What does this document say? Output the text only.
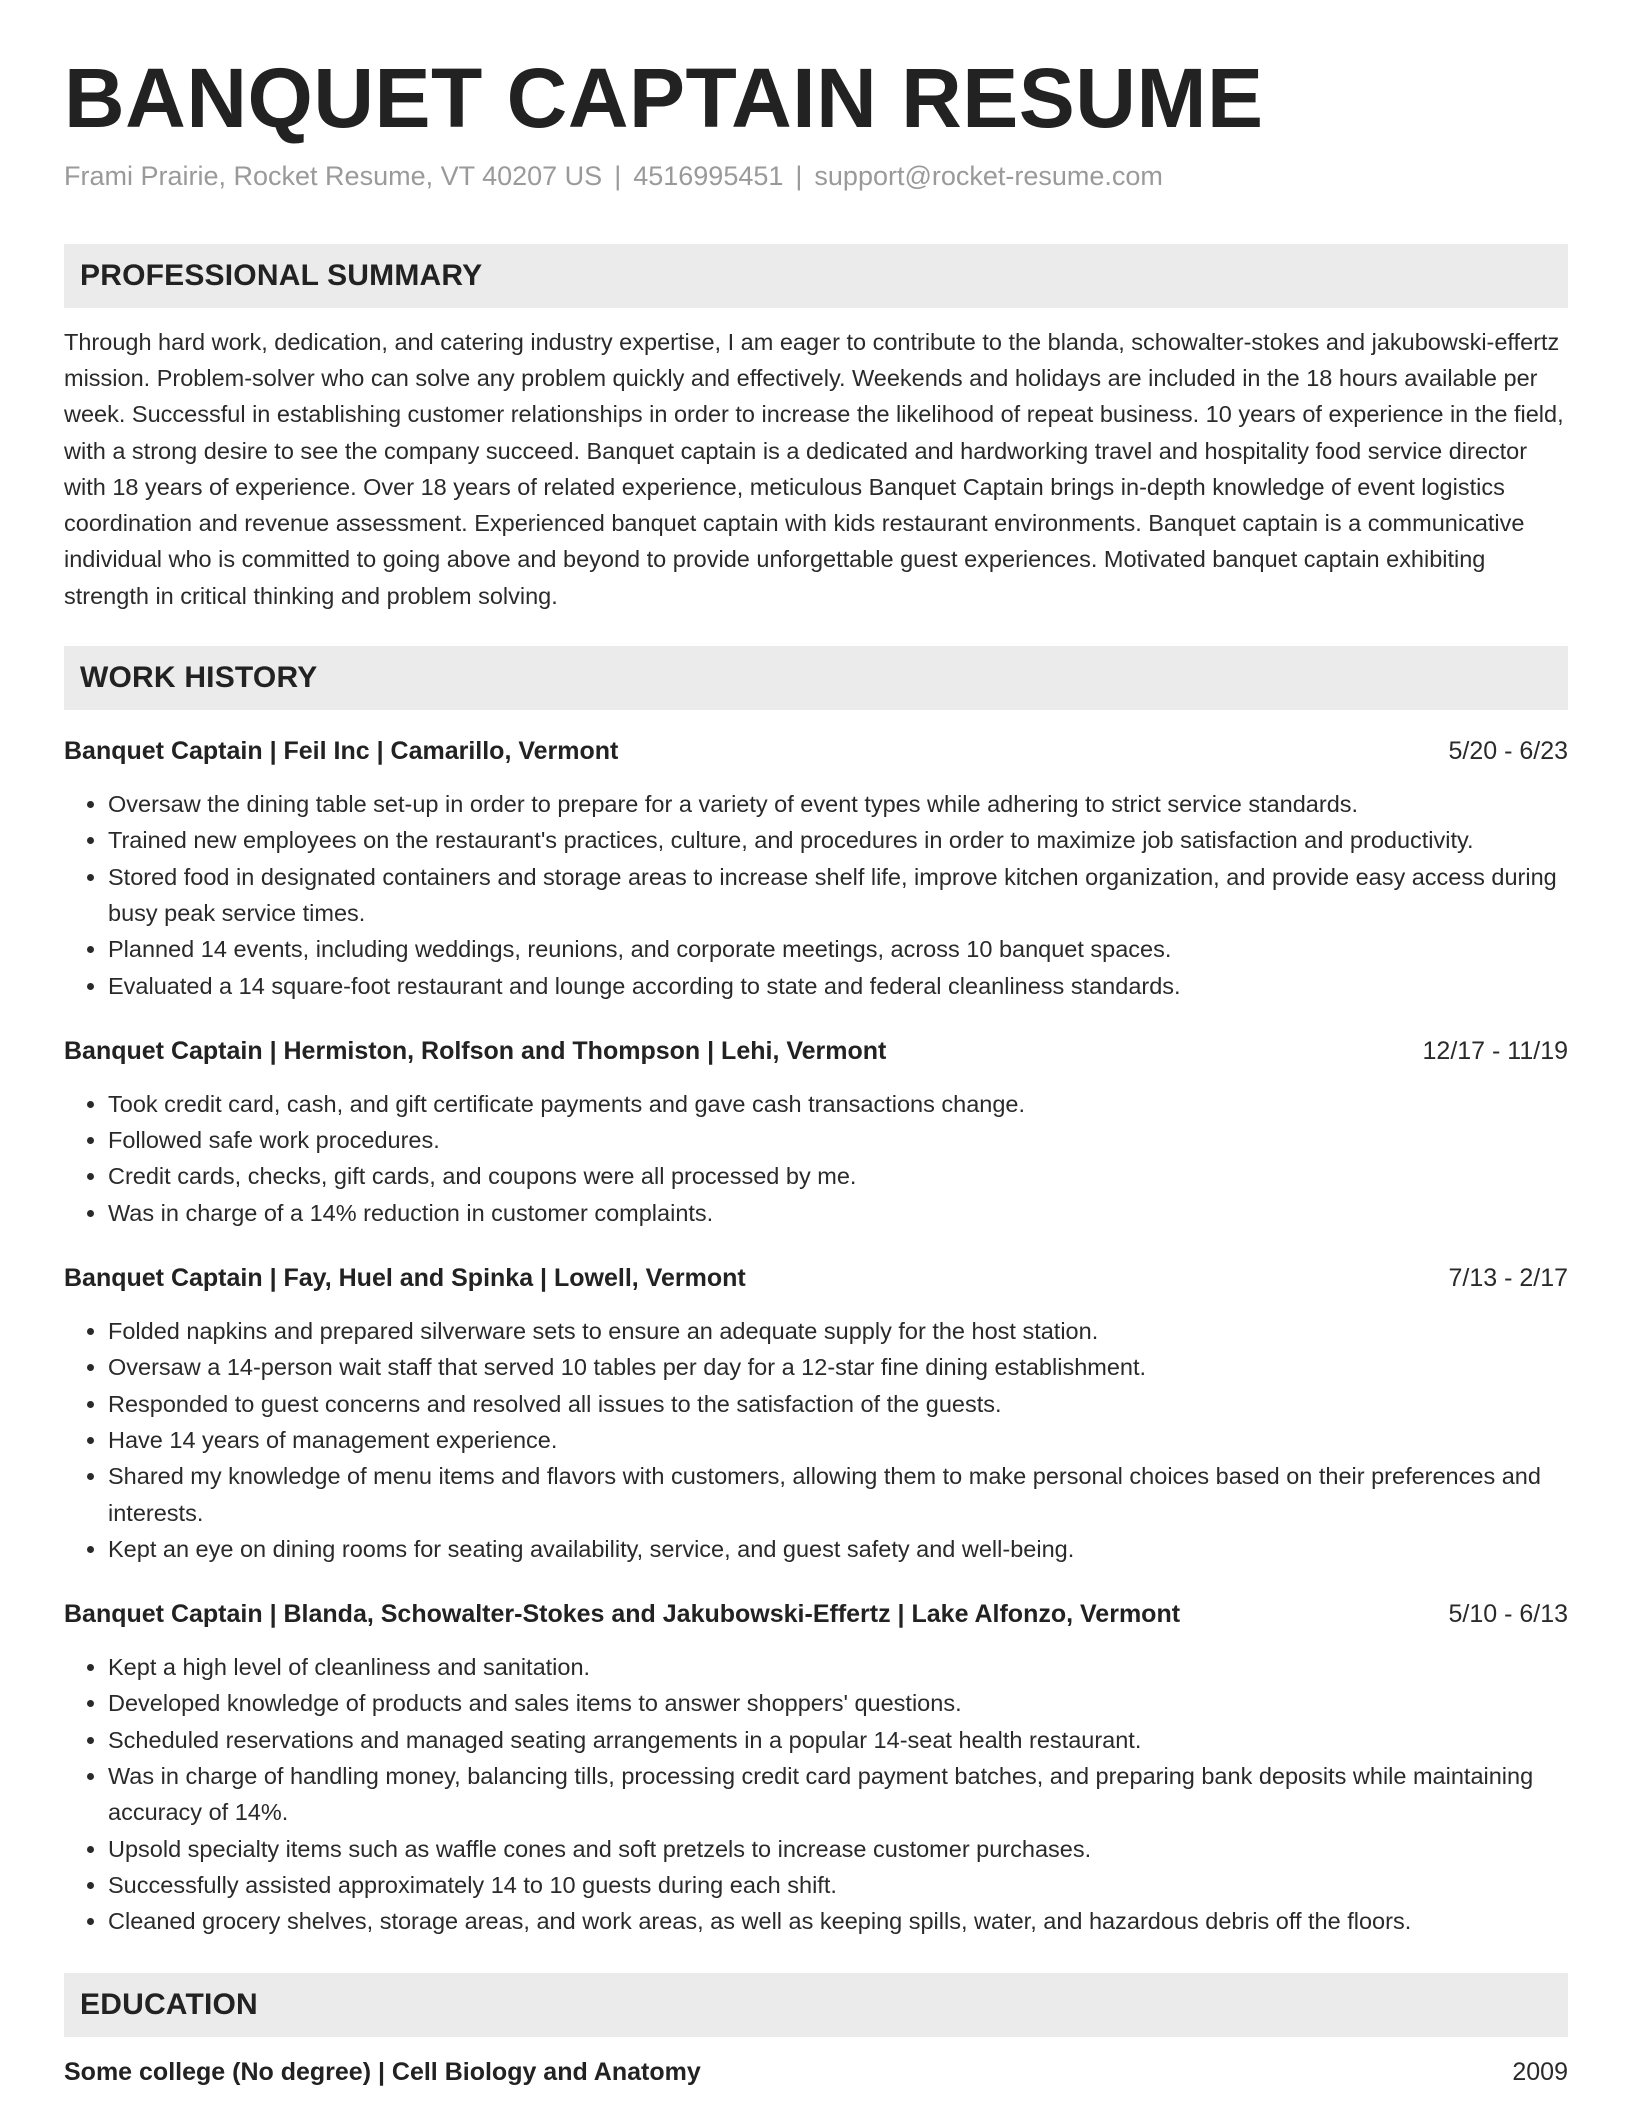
BANQUET CAPTAIN RESUME
Frami Prairie, Rocket Resume, VT 40207 US | 4516995451 | support@rocket-resume.com
PROFESSIONAL SUMMARY
Through hard work, dedication, and catering industry expertise, I am eager to contribute to the blanda, schowalter-stokes and jakubowski-effertz mission. Problem-solver who can solve any problem quickly and effectively. Weekends and holidays are included in the 18 hours available per week. Successful in establishing customer relationships in order to increase the likelihood of repeat business. 10 years of experience in the field, with a strong desire to see the company succeed. Banquet captain is a dedicated and hardworking travel and hospitality food service director with 18 years of experience. Over 18 years of related experience, meticulous Banquet Captain brings in-depth knowledge of event logistics coordination and revenue assessment. Experienced banquet captain with kids restaurant environments. Banquet captain is a communicative individual who is committed to going above and beyond to provide unforgettable guest experiences. Motivated banquet captain exhibiting strength in critical thinking and problem solving.
WORK HISTORY
Banquet Captain | Feil Inc | Camarillo, Vermont	5/20 - 6/23
• Oversaw the dining table set-up in order to prepare for a variety of event types while adhering to strict service standards.
• Trained new employees on the restaurant's practices, culture, and procedures in order to maximize job satisfaction and productivity.
• Stored food in designated containers and storage areas to increase shelf life, improve kitchen organization, and provide easy access during busy peak service times.
• Planned 14 events, including weddings, reunions, and corporate meetings, across 10 banquet spaces.
• Evaluated a 14 square-foot restaurant and lounge according to state and federal cleanliness standards.
Banquet Captain | Hermiston, Rolfson and Thompson | Lehi, Vermont	12/17 - 11/19
• Took credit card, cash, and gift certificate payments and gave cash transactions change.
• Followed safe work procedures.
• Credit cards, checks, gift cards, and coupons were all processed by me.
• Was in charge of a 14% reduction in customer complaints.
Banquet Captain | Fay, Huel and Spinka | Lowell, Vermont	7/13 - 2/17
• Folded napkins and prepared silverware sets to ensure an adequate supply for the host station.
• Oversaw a 14-person wait staff that served 10 tables per day for a 12-star fine dining establishment.
• Responded to guest concerns and resolved all issues to the satisfaction of the guests.
• Have 14 years of management experience.
• Shared my knowledge of menu items and flavors with customers, allowing them to make personal choices based on their preferences and interests.
• Kept an eye on dining rooms for seating availability, service, and guest safety and well-being.
Banquet Captain | Blanda, Schowalter-Stokes and Jakubowski-Effertz | Lake Alfonzo, Vermont	5/10 - 6/13
• Kept a high level of cleanliness and sanitation.
• Developed knowledge of products and sales items to answer shoppers' questions.
• Scheduled reservations and managed seating arrangements in a popular 14-seat health restaurant.
• Was in charge of handling money, balancing tills, processing credit card payment batches, and preparing bank deposits while maintaining accuracy of 14%.
• Upsold specialty items such as waffle cones and soft pretzels to increase customer purchases.
• Successfully assisted approximately 14 to 10 guests during each shift.
• Cleaned grocery shelves, storage areas, and work areas, as well as keeping spills, water, and hazardous debris off the floors.
EDUCATION
Some college (No degree) | Cell Biology and Anatomy	2009
